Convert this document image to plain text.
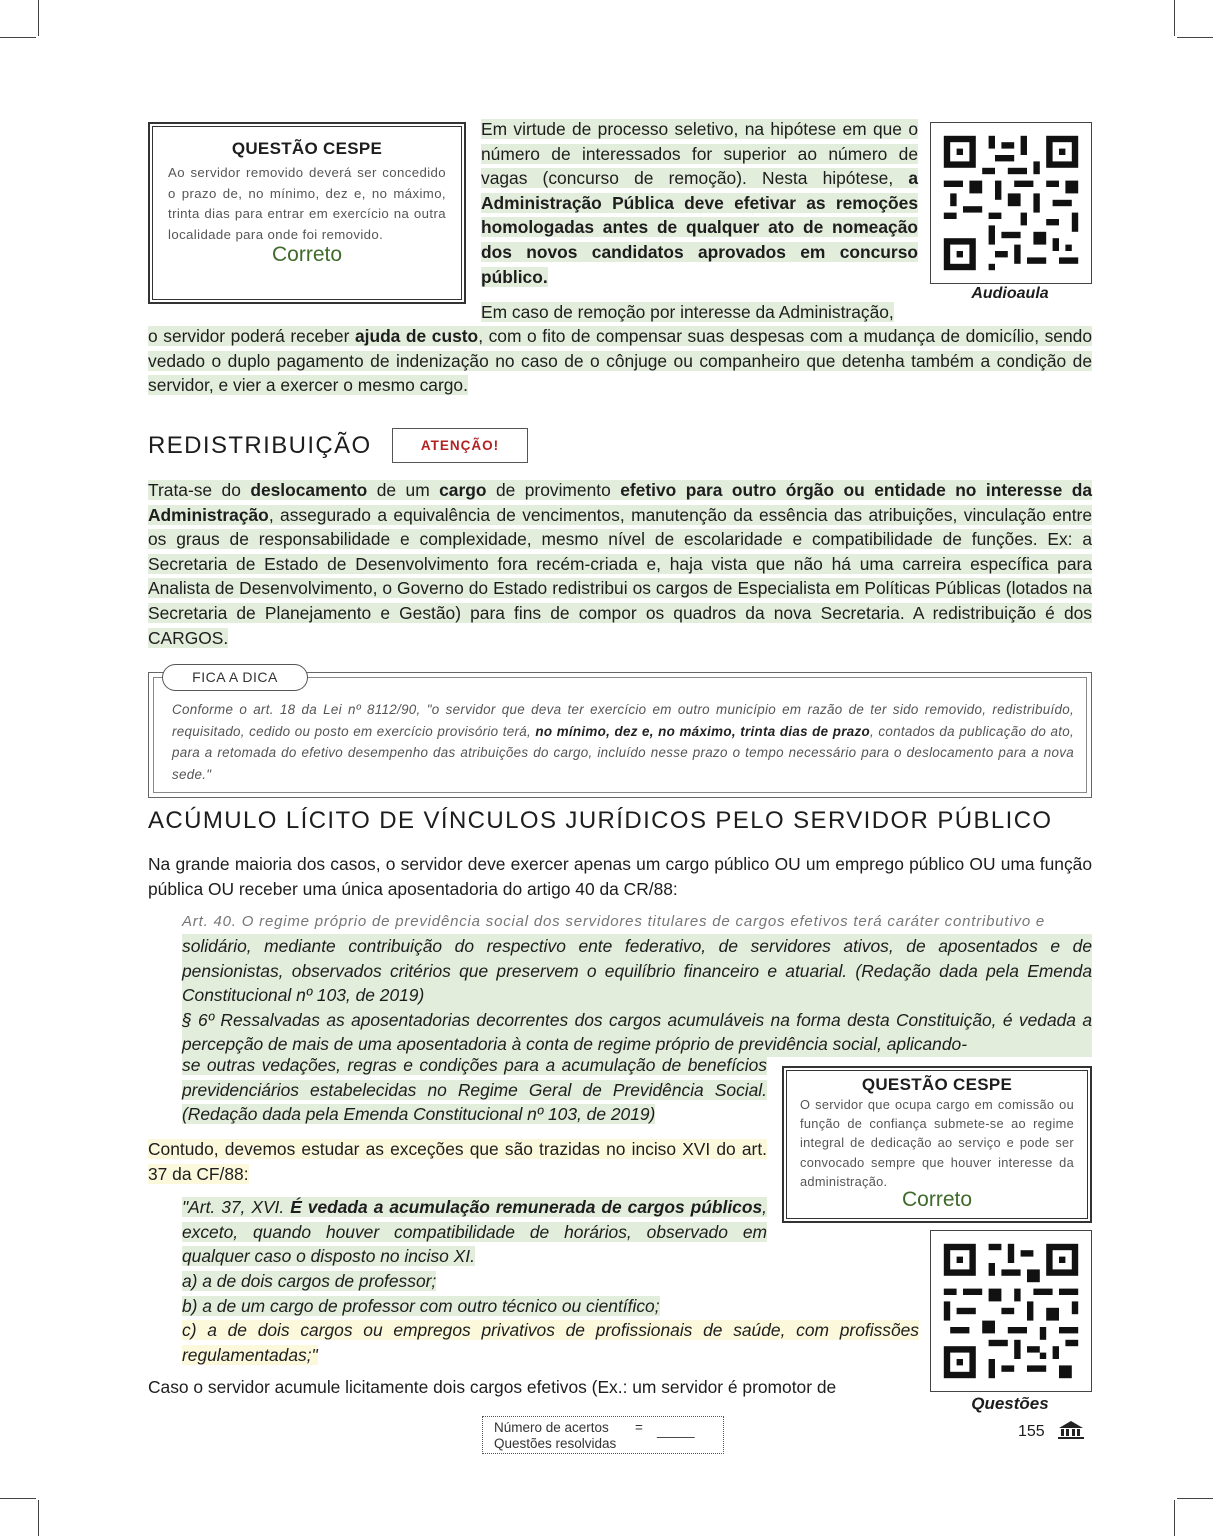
QUESTÃO CESPE
Ao servidor removido deverá ser concedido o prazo de, no mínimo, dez e, no máximo, trinta dias para entrar em exercício na outra localidade para onde foi removido.
Correto
Em virtude de processo seletivo, na hipótese em que o número de interessados for superior ao número de vagas (concurso de remoção). Nesta hipótese, a Administração Pública deve efetivar as remoções homologadas antes de qualquer ato de nomeação dos novos candidatos aprovados em concurso público.
Em caso de remoção por interesse da Administração,
o servidor poderá receber ajuda de custo, com o fito de compensar suas despesas com a mudança de domicílio, sendo vedado o duplo pagamento de indenização no caso de o cônjuge ou companheiro que detenha também a condição de servidor, e vier a exercer o mesmo cargo.
Audioaula
REDISTRIBUIÇÃO	ATENÇÃO!
Trata-se do deslocamento de um cargo de provimento efetivo para outro órgão ou entidade no interesse da Administração, assegurado a equivalência de vencimentos, manutenção da essência das atribuições, vinculação entre os graus de responsabilidade e complexidade, mesmo nível de escolaridade e compatibilidade de funções. Ex: a Secretaria de Estado de Desenvolvimento fora recém-criada e, haja vista que não há uma carreira específica para Analista de Desenvolvimento, o Governo do Estado redistribui os cargos de Especialista em Políticas Públicas (lotados na Secretaria de Planejamento e Gestão) para fins de compor os quadros da nova Secretaria. A redistribuição é dos CARGOS.
FICA A DICA
Conforme o art. 18 da Lei nº 8112/90, "o servidor que deva ter exercício em outro município em razão de ter sido removido, redistribuído, requisitado, cedido ou posto em exercício provisório terá, no mínimo, dez e, no máximo, trinta dias de prazo, contados da publicação do ato, para a retomada do efetivo desempenho das atribuições do cargo, incluído nesse prazo o tempo necessário para o deslocamento para a nova sede."
ACÚMULO LÍCITO DE VÍNCULOS JURÍDICOS PELO SERVIDOR PÚBLICO
Na grande maioria dos casos, o servidor deve exercer apenas um cargo público OU um emprego público OU uma função pública OU receber uma única aposentadoria do artigo 40 da CR/88:
Art. 40. O regime próprio de previdência social dos servidores titulares de cargos efetivos terá caráter contributivo e
solidário, mediante contribuição do respectivo ente federativo, de servidores ativos, de aposentados e de pensionistas, observados critérios que preservem o equilíbrio financeiro e atuarial. (Redação dada pela Emenda Constitucional nº 103, de 2019)
§ 6º Ressalvadas as aposentadorias decorrentes dos cargos acumuláveis na forma desta Constituição, é vedada a percepção de mais de uma aposentadoria à conta de regime próprio de previdência social, aplicando-
se outras vedações, regras e condições para a acumulação de benefícios previdenciários estabelecidas no Regime Geral de Previdência Social. (Redação dada pela Emenda Constitucional nº 103, de 2019)
Contudo, devemos estudar as exceções que são trazidas no inciso XVI do art. 37 da CF/88:
"Art. 37, XVI. É vedada a acumulação remunerada de cargos públicos, exceto, quando houver compatibilidade de horários, observado em qualquer caso o disposto no inciso XI.
a) a de dois cargos de professor;
b) a de um cargo de professor com outro técnico ou científico;
c) a de dois cargos ou empregos privativos de profissionais de saúde, com profissões regulamentadas;"
Caso o servidor acumule licitamente dois cargos efetivos (Ex.: um servidor é promotor de
QUESTÃO CESPE
O servidor que ocupa cargo em comissão ou função de confiança submete-se ao regime integral de dedicação ao serviço e pode ser convocado sempre que houver interesse da administração.
Correto
Questões
Número de acertos
Questões resolvidas
= _____	155
